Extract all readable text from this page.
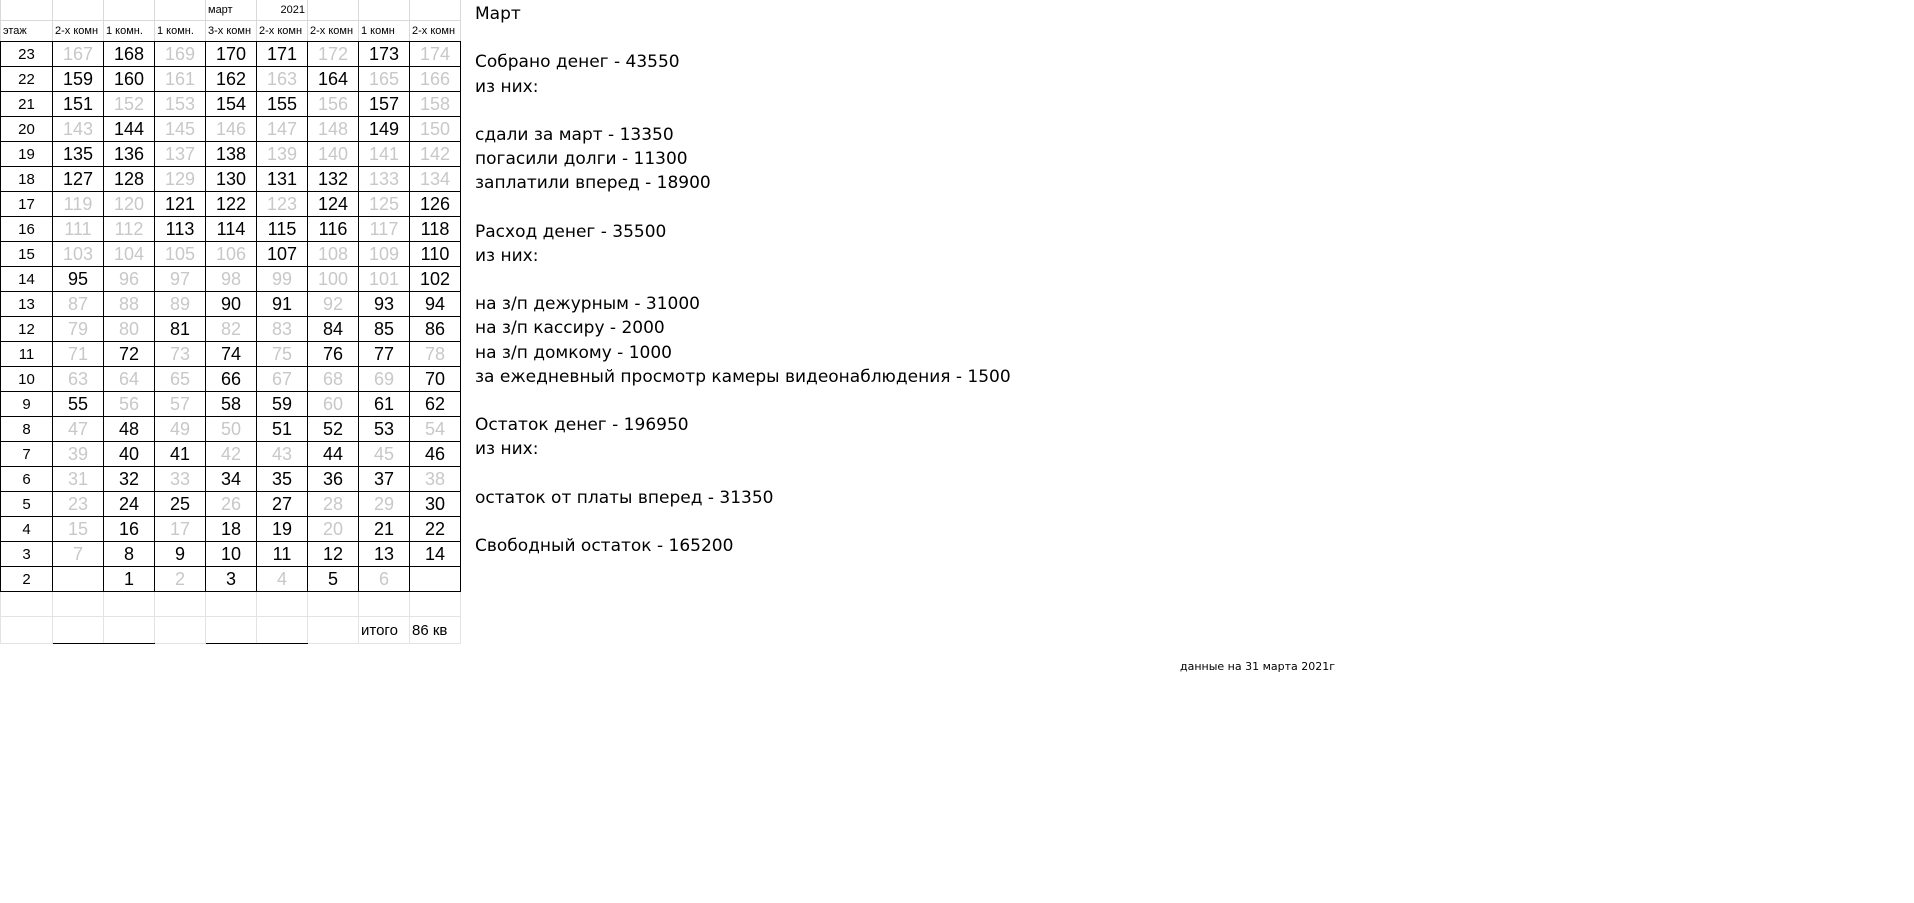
				март	2021			
этаж	2-х комн	1 комн.	1 комн.	3-х комн	2-х комн	2-х комн	1 комн	2-х комн
23	167	168	169	170	171	172	173	174
22	159	160	161	162	163	164	165	166
21	151	152	153	154	155	156	157	158
20	143	144	145	146	147	148	149	150
19	135	136	137	138	139	140	141	142
18	127	128	129	130	131	132	133	134
17	119	120	121	122	123	124	125	126
16	111	112	113	114	115	116	117	118
15	103	104	105	106	107	108	109	110
14	95	96	97	98	99	100	101	102
13	87	88	89	90	91	92	93	94
12	79	80	81	82	83	84	85	86
11	71	72	73	74	75	76	77	78
10	63	64	65	66	67	68	69	70
9	55	56	57	58	59	60	61	62
8	47	48	49	50	51	52	53	54
7	39	40	41	42	43	44	45	46
6	31	32	33	34	35	36	37	38
5	23	24	25	26	27	28	29	30
4	15	16	17	18	19	20	21	22
3	7	8	9	10	11	12	13	14
2		1	2	3	4	5	6	

							итого	86 кв
Март
Собрано денег - 43550
из них:
сдали за март - 13350
погасили долги - 11300
заплатили вперед - 18900
Расход денег - 35500
из них:
на з/п дежурным - 31000
на з/п кассиру - 2000
на з/п домкому - 1000
за ежедневный просмотр камеры видеонаблюдения - 1500
Остаток денег - 196950
из них:
остаток от платы вперед - 31350
Свободный остаток - 165200
данные на 31 марта 2021г
